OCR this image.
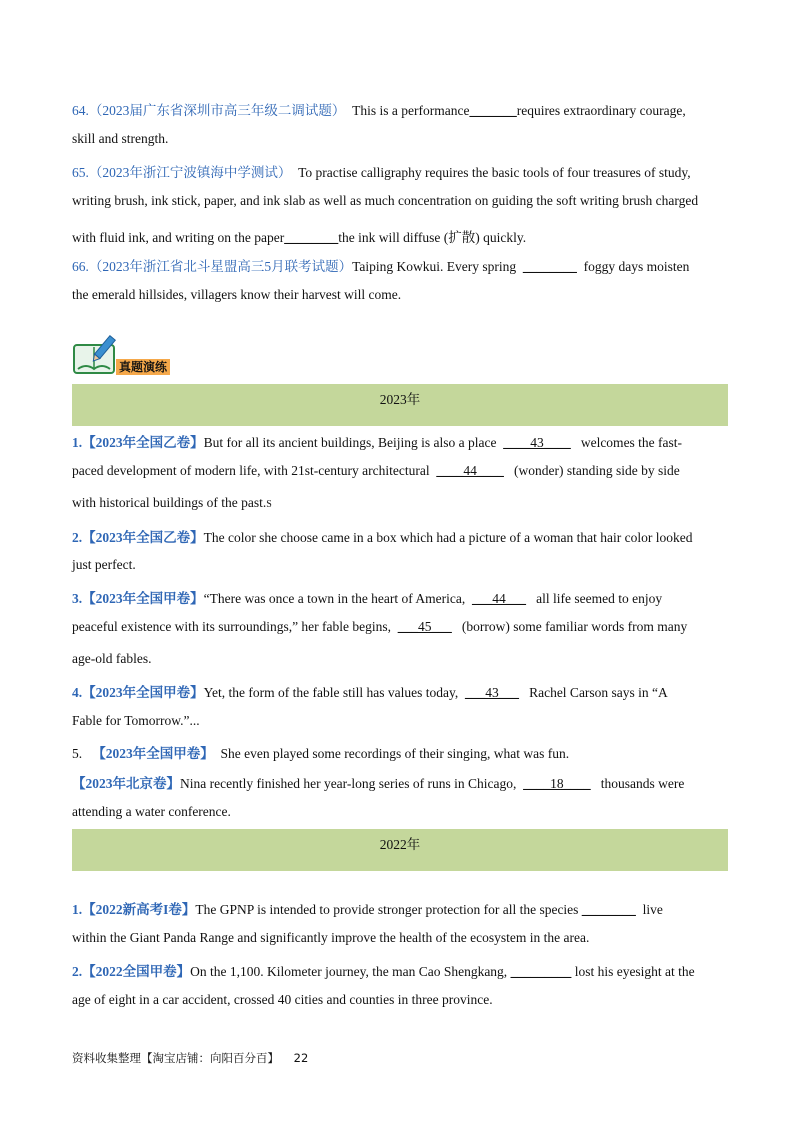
64.（2023届广东省深圳市高三年级二调试题） This is a performance_______requires extraordinary courage,
skill and strength.
65.（2023年浙江宁波镇海中学测试） To practise calligraphy requires the basic tools of four treasures of study,
writing brush, ink stick, paper, and ink slab as well as much concentration on guiding the soft writing brush charged
with fluid ink, and writing on the paper________the ink will diffuse (扩散) quickly.
66.（2023年浙江省北斗星盟高三5月联考试题）Taiping Kowkui. Every spring ________ foggy days moisten
the emerald hillsides, villagers know their harvest will come.
真题演练
2023年
1.【2023年全国乙卷】But for all its ancient buildings, Beijing is also a place ____43____ welcomes the fast-
paced development of modern life, with 21st-century architectural ____44____ (wonder) standing side by side
with historical buildings of the past.S
2.【2023年全国乙卷】The color she choose came in a box which had a picture of a woman that hair color looked
just perfect.
3.【2023年全国甲卷】“There was once a town in the heart of America, ___44___ all life seemed to enjoy
peaceful existence with its surroundings,” her fable begins, ___45___ (borrow) some familiar words from many
age-old fables.
4.【2023年全国甲卷】Yet, the form of the fable still has values today, ___43___ Rachel Carson says in “A
Fable for Tomorrow.”...
5. 【2023年全国甲卷】 She even played some recordings of their singing, what was fun.
【2023年北京卷】Nina recently finished her year-long series of runs in Chicago, ____18____ thousands were
attending a water conference.
2022年
1.【2022新高考I卷】The GPNP is intended to provide stronger protection for all the species ________ live
within the Giant Panda Range and significantly improve the health of the ecosystem in the area.
2.【2022全国甲卷】On the 1,100. Kilometer journey, the man Cao Shengkang, _________ lost his eyesight at the
age of eight in a car accident, crossed 40 cities and counties in three province.
资料收集整理【淘宝店铺：向阳百分百】 22
